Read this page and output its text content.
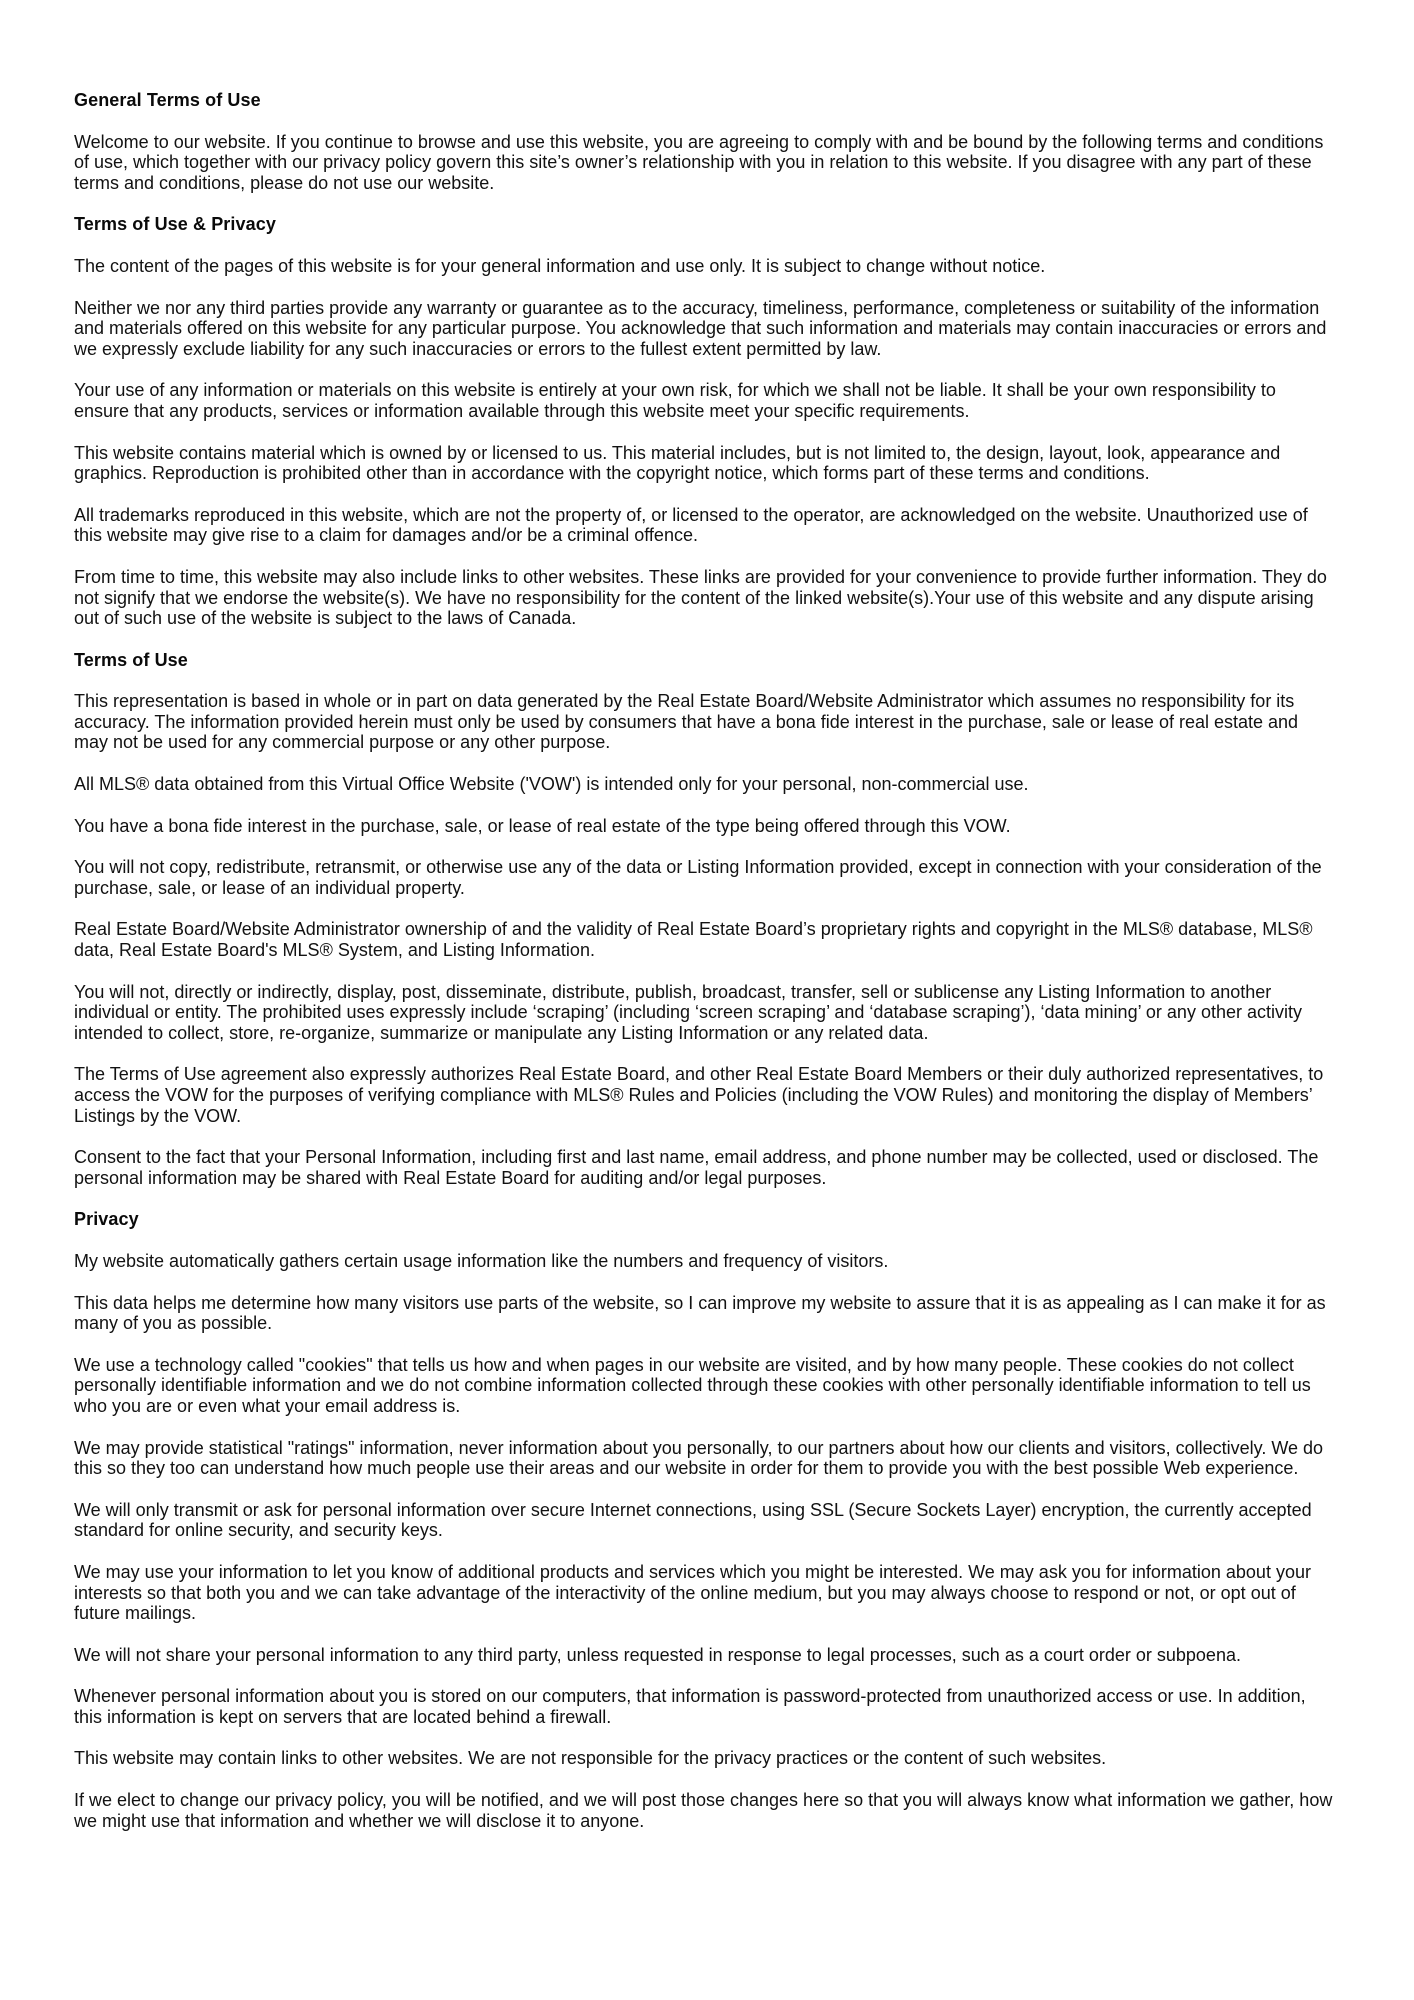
General Terms of Use

Welcome to our website. If you continue to browse and use this website, you are agreeing to comply with and be bound by the following terms and conditions of use, which together with our privacy policy govern this site’s owner’s relationship with you in relation to this website. If you disagree with any part of these terms and conditions, please do not use our website.

Terms of Use & Privacy

The content of the pages of this website is for your general information and use only. It is subject to change without notice.

Neither we nor any third parties provide any warranty or guarantee as to the accuracy, timeliness, performance, completeness or suitability of the information and materials offered on this website for any particular purpose. You acknowledge that such information and materials may contain inaccuracies or errors and we expressly exclude liability for any such inaccuracies or errors to the fullest extent permitted by law.

Your use of any information or materials on this website is entirely at your own risk, for which we shall not be liable. It shall be your own responsibility to ensure that any products, services or information available through this website meet your specific requirements.

This website contains material which is owned by or licensed to us. This material includes, but is not limited to, the design, layout, look, appearance and graphics. Reproduction is prohibited other than in accordance with the copyright notice, which forms part of these terms and conditions.

All trademarks reproduced in this website, which are not the property of, or licensed to the operator, are acknowledged on the website. Unauthorized use of this website may give rise to a claim for damages and/or be a criminal offence.

From time to time, this website may also include links to other websites. These links are provided for your convenience to provide further information. They do not signify that we endorse the website(s). We have no responsibility for the content of the linked website(s).Your use of this website and any dispute arising out of such use of the website is subject to the laws of Canada.

Terms of Use

This representation is based in whole or in part on data generated by the Real Estate Board/Website Administrator which assumes no responsibility for its accuracy. The information provided herein must only be used by consumers that have a bona fide interest in the purchase, sale or lease of real estate and may not be used for any commercial purpose or any other purpose.

All MLS® data obtained from this Virtual Office Website ('VOW') is intended only for your personal, non-commercial use.

You have a bona fide interest in the purchase, sale, or lease of real estate of the type being offered through this VOW.

You will not copy, redistribute, retransmit, or otherwise use any of the data or Listing Information provided, except in connection with your consideration of the purchase, sale, or lease of an individual property.

Real Estate Board/Website Administrator ownership of and the validity of Real Estate Board’s proprietary rights and copyright in the MLS® database, MLS® data, Real Estate Board's MLS® System, and Listing Information.

You will not, directly or indirectly, display, post, disseminate, distribute, publish, broadcast, transfer, sell or sublicense any Listing Information to another individual or entity. The prohibited uses expressly include ‘scraping’ (including ‘screen scraping’ and ‘database scraping’), ‘data mining’ or any other activity intended to collect, store, re-organize, summarize or manipulate any Listing Information or any related data.

The Terms of Use agreement also expressly authorizes Real Estate Board, and other Real Estate Board Members or their duly authorized representatives, to access the VOW for the purposes of verifying compliance with MLS® Rules and Policies (including the VOW Rules) and monitoring the display of Members’ Listings by the VOW.

Consent to the fact that your Personal Information, including first and last name, email address, and phone number may be collected, used or disclosed. The personal information may be shared with Real Estate Board for auditing and/or legal purposes.

Privacy

My website automatically gathers certain usage information like the numbers and frequency of visitors.

This data helps me determine how many visitors use parts of the website, so I can improve my website to assure that it is as appealing as I can make it for as many of you as possible.

We use a technology called "cookies" that tells us how and when pages in our website are visited, and by how many people. These cookies do not collect personally identifiable information and we do not combine information collected through these cookies with other personally identifiable information to tell us who you are or even what your email address is.

We may provide statistical "ratings" information, never information about you personally, to our partners about how our clients and visitors, collectively. We do this so they too can understand how much people use their areas and our website in order for them to provide you with the best possible Web experience.

We will only transmit or ask for personal information over secure Internet connections, using SSL (Secure Sockets Layer) encryption, the currently accepted standard for online security, and security keys.

We may use your information to let you know of additional products and services which you might be interested. We may ask you for information about your interests so that both you and we can take advantage of the interactivity of the online medium, but you may always choose to respond or not, or opt out of future mailings.

We will not share your personal information to any third party, unless requested in response to legal processes, such as a court order or subpoena.

Whenever personal information about you is stored on our computers, that information is password-protected from unauthorized access or use. In addition, this information is kept on servers that are located behind a firewall.

This website may contain links to other websites. We are not responsible for the privacy practices or the content of such websites.

If we elect to change our privacy policy, you will be notified, and we will post those changes here so that you will always know what information we gather, how we might use that information and whether we will disclose it to anyone.
